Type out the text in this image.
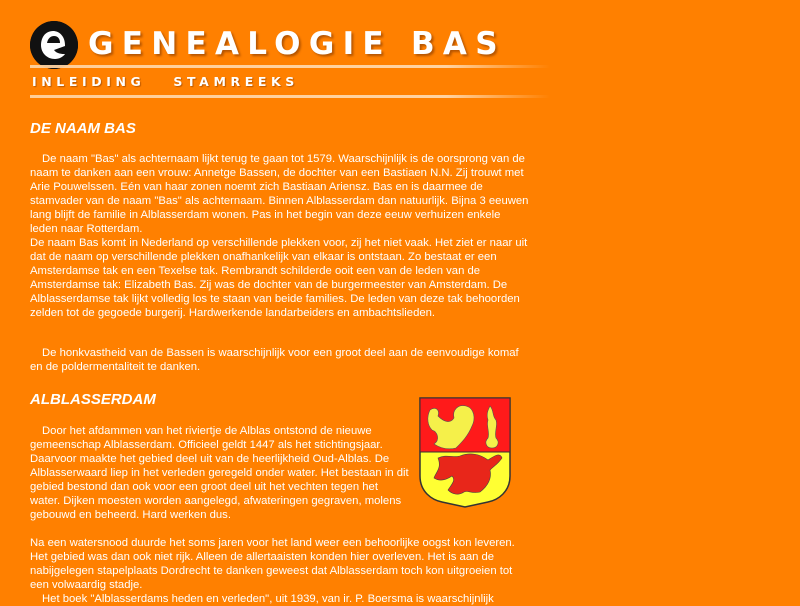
GENEALOGIE BAS
INLEIDING STAMREEKS
DE NAAM BAS

De naam "Bas" als achternaam lijkt terug te gaan tot 1579. Waarschijnlijk is de oorsprong van de naam te danken aan een vrouw: Annetge Bassen, de dochter van een Bastiaen N.N. Zij trouwt met Arie Pouwelssen. Eén van haar zonen noemt zich Bastiaan Ariensz. Bas en is daarmee de stamvader van de naam "Bas" als achternaam. Binnen Alblasserdam dan natuurlijk. Bijna 3 eeuwen lang blijft de familie in Alblasserdam wonen. Pas in het begin van deze eeuw verhuizen enkele leden naar Rotterdam.

De naam Bas komt in Nederland op verschillende plekken voor, zij het niet vaak. Het ziet er naar uit dat de naam op verschillende plekken onafhankelijk van elkaar is ontstaan. Zo bestaat er een Amsterdamse tak en een Texelse tak. Rembrandt schilderde ooit een van de leden van de Amsterdamse tak: Elizabeth Bas. Zij was de dochter van de burgermeester van Amsterdam. De Alblasserdamse tak lijkt volledig los te staan van beide families. De leden van deze tak behoorden zelden tot de gegoede burgerij. Hardwerkende landarbeiders en ambachtslieden.

De honkvastheid van de Bassen is waarschijnlijk voor een groot deel aan de eenvoudige komaf en de poldermentaliteit te danken.

ALBLASSERDAM

Door het afdammen van het riviertje de Alblas ontstond de nieuwe gemeenschap Alblasserdam. Officieel geldt 1447 als het stichtingsjaar. Daarvoor maakte het gebied deel uit van de heerlijkheid Oud-Alblas. De Alblasserwaard liep in het verleden geregeld onder water. Het bestaan in dit gebied bestond dan ook voor een groot deel uit het vechten tegen het water. Dijken moesten worden aangelegd, afwateringen gegraven, molens gebouwd en beheerd. Hard werken dus.

Na een watersnood duurde het soms jaren voor het land weer een behoorlijke oogst kon leveren. Het gebied was dan ook niet rijk. Alleen de allertaaisten konden hier overleven. Het is aan de nabijgelegen stapelplaats Dordrecht te danken geweest dat Alblasserdam toch kon uitgroeien tot een volwaardig stadje.

Het boek "Alblasserdams heden en verleden", uit 1939, van ir. P. Boersma is waarschijnlijk
